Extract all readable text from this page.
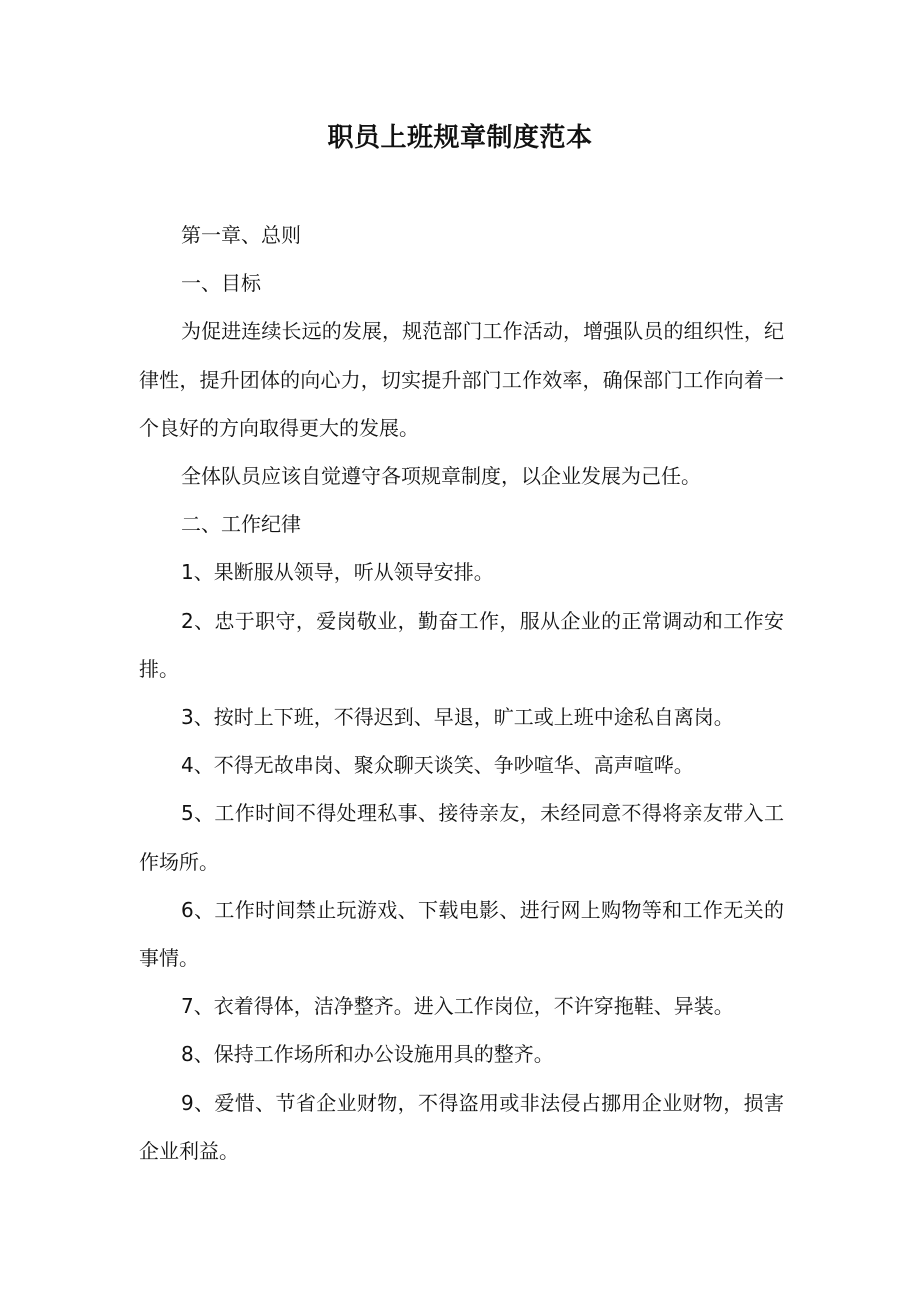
职员上班规章制度范本

第一章、总则

一、目标

为促进连续长远的发展，规范部门工作活动，增强队员的组织性，纪律性，提升团体的向心力，切实提升部门工作效率，确保部门工作向着一个良好的方向取得更大的发展。

全体队员应该自觉遵守各项规章制度，以企业发展为己任。

二、工作纪律

1、果断服从领导，听从领导安排。

2、忠于职守，爱岗敬业，勤奋工作，服从企业的正常调动和工作安排。

3、按时上下班，不得迟到、早退，旷工或上班中途私自离岗。

4、不得无故串岗、聚众聊天谈笑、争吵喧华、高声喧哗。

5、工作时间不得处理私事、接待亲友，未经同意不得将亲友带入工作场所。

6、工作时间禁止玩游戏、下载电影、进行网上购物等和工作无关的事情。

7、衣着得体，洁净整齐。进入工作岗位，不许穿拖鞋、异装。

8、保持工作场所和办公设施用具的整齐。

9、爱惜、节省企业财物，不得盗用或非法侵占挪用企业财物，损害企业利益。
